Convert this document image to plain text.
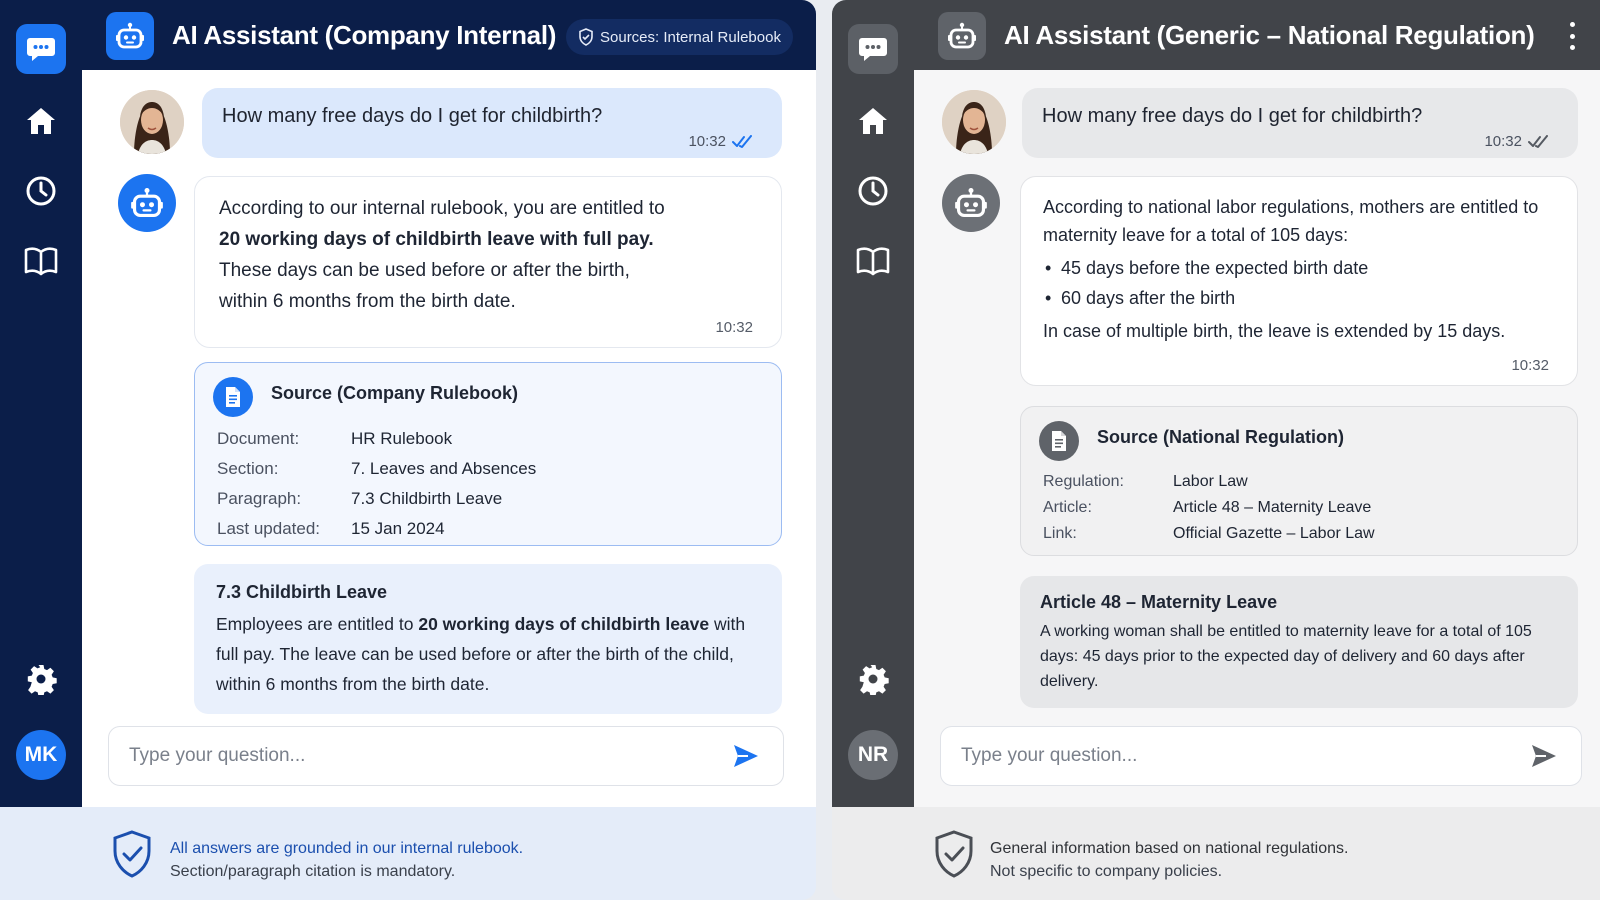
MK
AI Assistant (Company Internal)	Sources: Internal Rulebook
How many free days do I get for childbirth?
10:32
According to our internal rulebook, you are entitled to
20 working days of childbirth leave with full pay.
These days can be used before or after the birth,
within 6 months from the birth date.
10:32
Source (Company Rulebook)
Document:	HR Rulebook
Section:	7. Leaves and Absences
Paragraph:	7.3 Childbirth Leave
Last updated:	15 Jan 2024
7.3 Childbirth Leave
Employees are entitled to 20 working days of childbirth leave with full pay. The leave can be used before or after the birth of the child, within 6 months from the birth date.
Type your question...
All answers are grounded in our internal rulebook.
Section/paragraph citation is mandatory.
NR
AI Assistant (Generic – National Regulation)
How many free days do I get for childbirth?
10:32
According to national labor regulations, mothers are entitled to maternity leave for a total of 105 days:
• 45 days before the expected birth date
• 60 days after the birth
In case of multiple birth, the leave is extended by 15 days.
10:32
Source (National Regulation)
Regulation:	Labor Law
Article:	Article 48 – Maternity Leave
Link:	Official Gazette – Labor Law
Article 48 – Maternity Leave
A working woman shall be entitled to maternity leave for a total of 105 days: 45 days prior to the expected day of delivery and 60 days after delivery.
Type your question...
General information based on national regulations.
Not specific to company policies.
